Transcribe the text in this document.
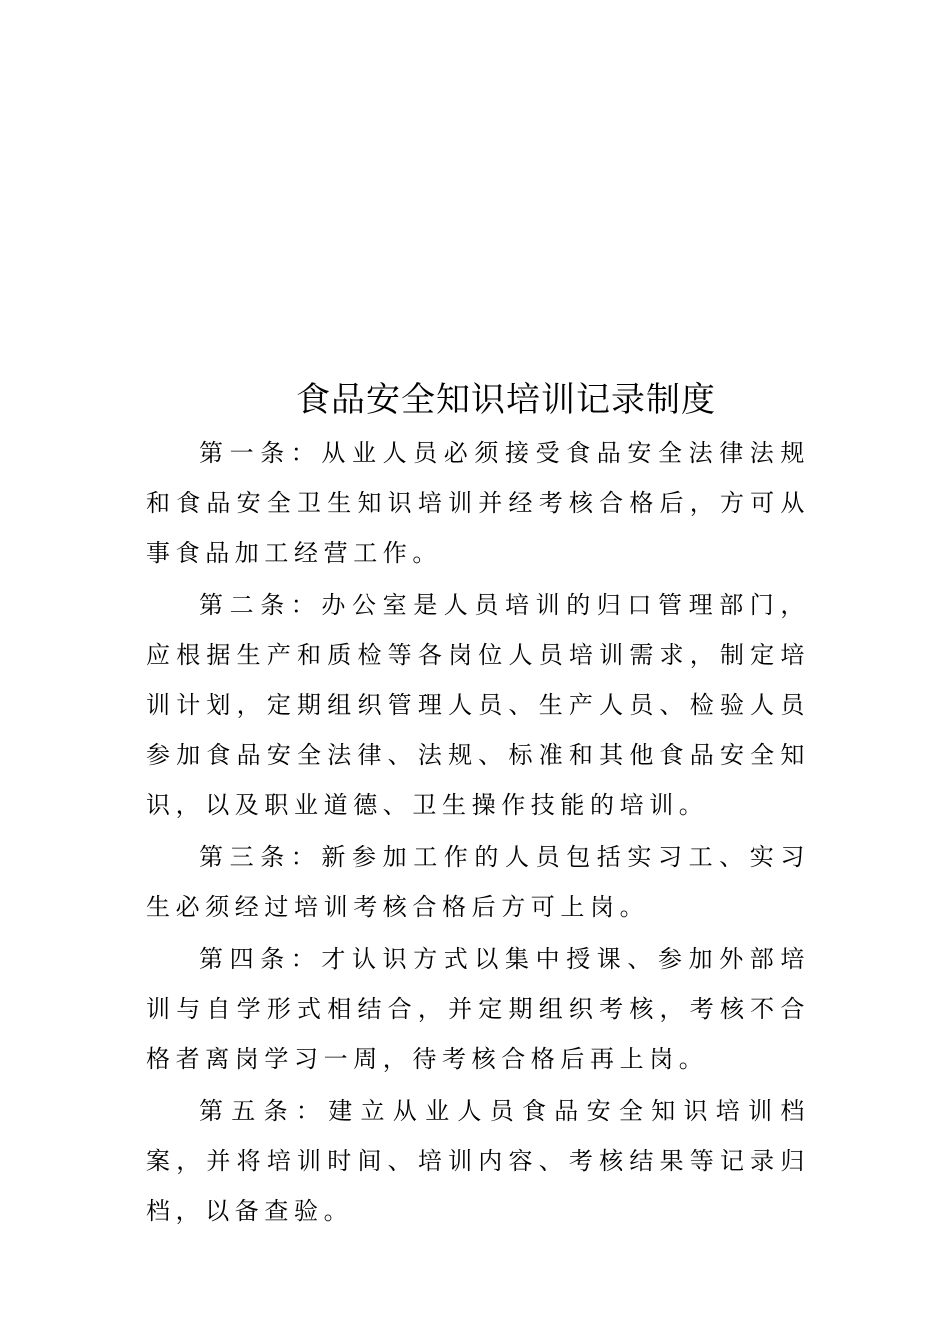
食品安全知识培训记录制度

第一条：从业人员必须接受食品安全法律法规和食品安全卫生知识培训并经考核合格后，方可从事食品加工经营工作。

第二条：办公室是人员培训的归口管理部门，应根据生产和质检等各岗位人员培训需求，制定培训计划，定期组织管理人员、生产人员、检验人员参加食品安全法律、法规、标准和其他食品安全知识，以及职业道德、卫生操作技能的培训。

第三条：新参加工作的人员包括实习工、实习生必须经过培训考核合格后方可上岗。

第四条：才认识方式以集中授课、参加外部培训与自学形式相结合，并定期组织考核，考核不合格者离岗学习一周，待考核合格后再上岗。

第五条：建立从业人员食品安全知识培训档案，并将培训时间、培训内容、考核结果等记录归档，以备查验。
